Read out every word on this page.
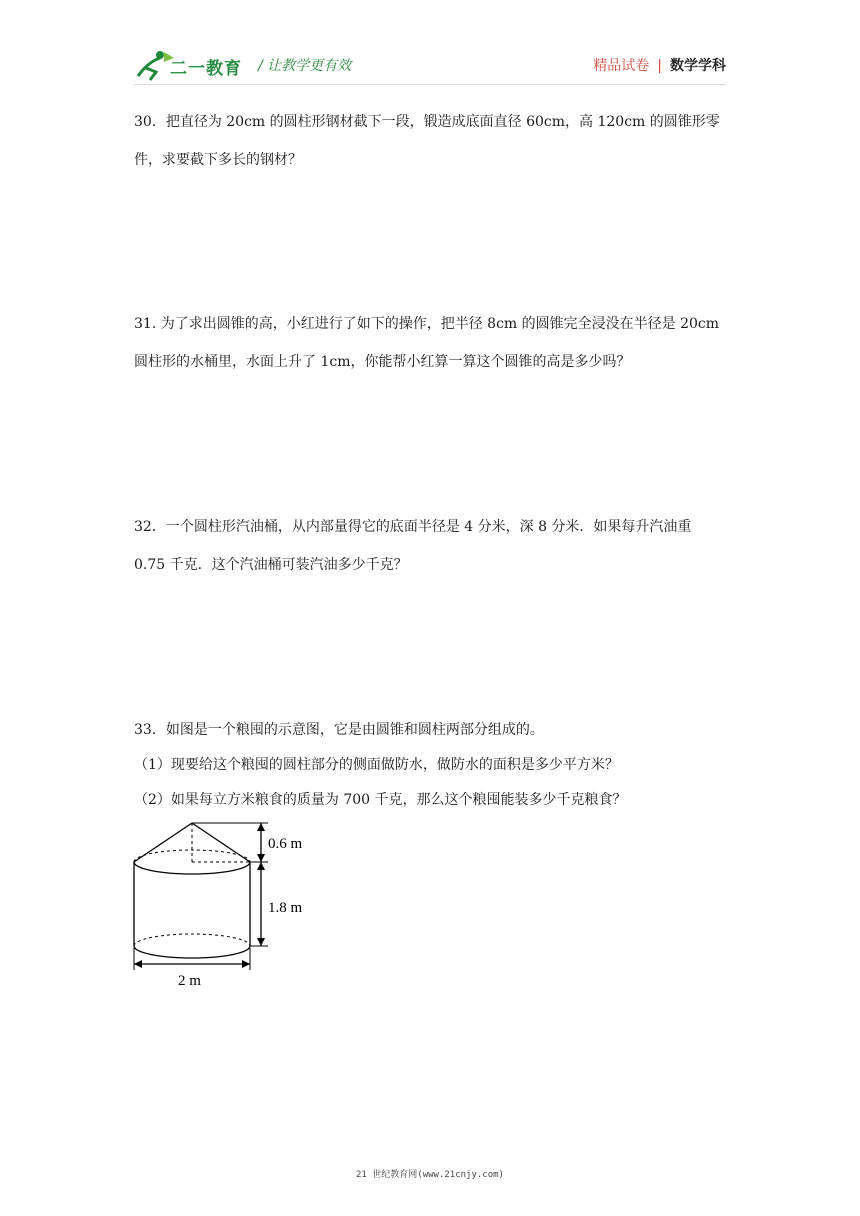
二一教育 / 让教学更有效	精品试卷 | 数学学科

30．把直径为 20cm 的圆柱形钢材截下一段，锻造成底面直径 60cm，高 120cm 的圆锥形零

件，求要截下多长的钢材？

31. 为了求出圆锥的高，小红进行了如下的操作，把半径 8cm 的圆锥完全浸没在半径是 20cm

圆柱形的水桶里，水面上升了 1cm，你能帮小红算一算这个圆锥的高是多少吗？

32．一个圆柱形汽油桶，从内部量得它的底面半径是 4 分米，深 8 分米．如果每升汽油重

0.75 千克．这个汽油桶可装汽油多少千克？

33．如图是一个粮囤的示意图，它是由圆锥和圆柱两部分组成的。

（1）现要给这个粮囤的圆柱部分的侧面做防水，做防水的面积是多少平方米？

（2）如果每立方米粮食的质量为 700 千克，那么这个粮囤能装多少千克粮食？

0.6 m
1.8 m
2 m
21 世纪教育网(www.21cnjy.com)
